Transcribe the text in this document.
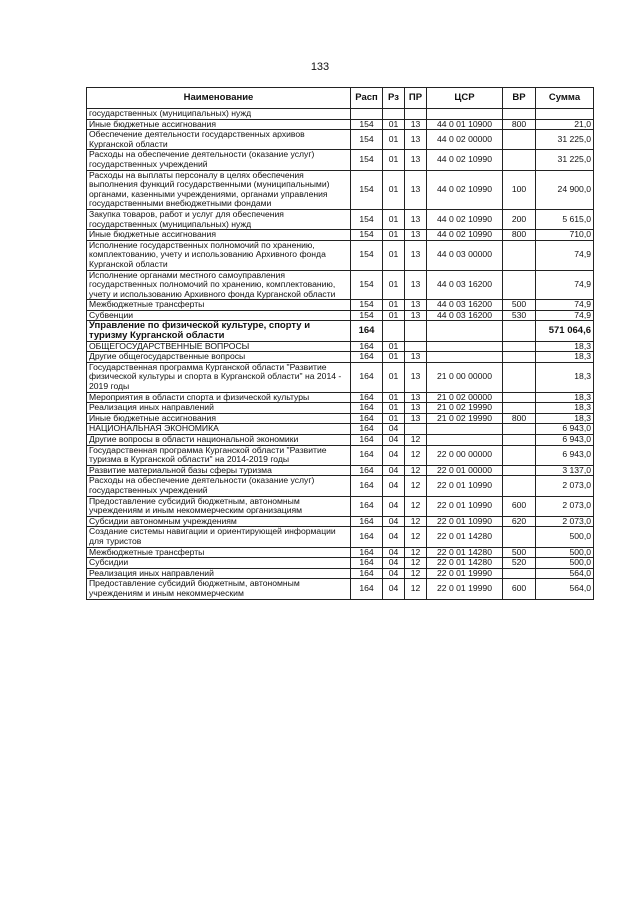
133
Наименование	Расп	Рз	ПР	ЦСР	ВР	Сумма
государственных (муниципальных) нужд						
Иные бюджетные ассигнования	154	01	13	44 0 01 10900	800	21,0
Обеспечение деятельности государственных архивов Курганской области	154	01	13	44 0 02 00000		31 225,0
Расходы на обеспечение деятельности (оказание услуг) государственных учреждений	154	01	13	44 0 02 10990		31 225,0
Расходы на выплаты персоналу в целях обеспечения выполнения функций государственными (муниципальными) органами, казенными учреждениями, органами управления государственными внебюджетными фондами	154	01	13	44 0 02 10990	100	24 900,0
Закупка товаров, работ и услуг для обеспечения государственных (муниципальных) нужд	154	01	13	44 0 02 10990	200	5 615,0
Иные бюджетные ассигнования	154	01	13	44 0 02 10990	800	710,0
Исполнение государственных полномочий по хранению, комплектованию, учету и использованию Архивного фонда Курганской области	154	01	13	44 0 03 00000		74,9
Исполнение органами местного самоуправления государственных полномочий по хранению, комплектованию, учету и использованию Архивного фонда Курганской области	154	01	13	44 0 03 16200		74,9
Межбюджетные трансферты	154	01	13	44 0 03 16200	500	74,9
Субвенции	154	01	13	44 0 03 16200	530	74,9
Управление по физической культуре, спорту и туризму Курганской области	164					571 064,6
ОБЩЕГОСУДАРСТВЕННЫЕ ВОПРОСЫ	164	01				18,3
Другие общегосударственные вопросы	164	01	13			18,3
Государственная программа Курганской области "Развитие физической культуры и спорта в Курганской области" на 2014 - 2019 годы	164	01	13	21 0 00 00000		18,3
Мероприятия в области спорта и физической культуры	164	01	13	21 0 02 00000		18,3
Реализация иных направлений	164	01	13	21 0 02 19990		18,3
Иные бюджетные ассигнования	164	01	13	21 0 02 19990	800	18,3
НАЦИОНАЛЬНАЯ ЭКОНОМИКА	164	04				6 943,0
Другие вопросы в области национальной экономики	164	04	12			6 943,0
Государственная программа Курганской области "Развитие туризма в Курганской области" на 2014-2019 годы	164	04	12	22 0 00 00000		6 943,0
Развитие материальной базы сферы туризма	164	04	12	22 0 01 00000		3 137,0
Расходы на обеспечение деятельности (оказание услуг) государственных учреждений	164	04	12	22 0 01 10990		2 073,0
Предоставление субсидий бюджетным, автономным учреждениям и иным некоммерческим организациям	164	04	12	22 0 01 10990	600	2 073,0
Субсидии автономным учреждениям	164	04	12	22 0 01 10990	620	2 073,0
Создание системы навигации и ориентирующей информации для туристов	164	04	12	22 0 01 14280		500,0
Межбюджетные трансферты	164	04	12	22 0 01 14280	500	500,0
Субсидии	164	04	12	22 0 01 14280	520	500,0
Реализация иных направлений	164	04	12	22 0 01 19990		564,0
Предоставление субсидий бюджетным, автономным учреждениям и иным некоммерческим	164	04	12	22 0 01 19990	600	564,0
